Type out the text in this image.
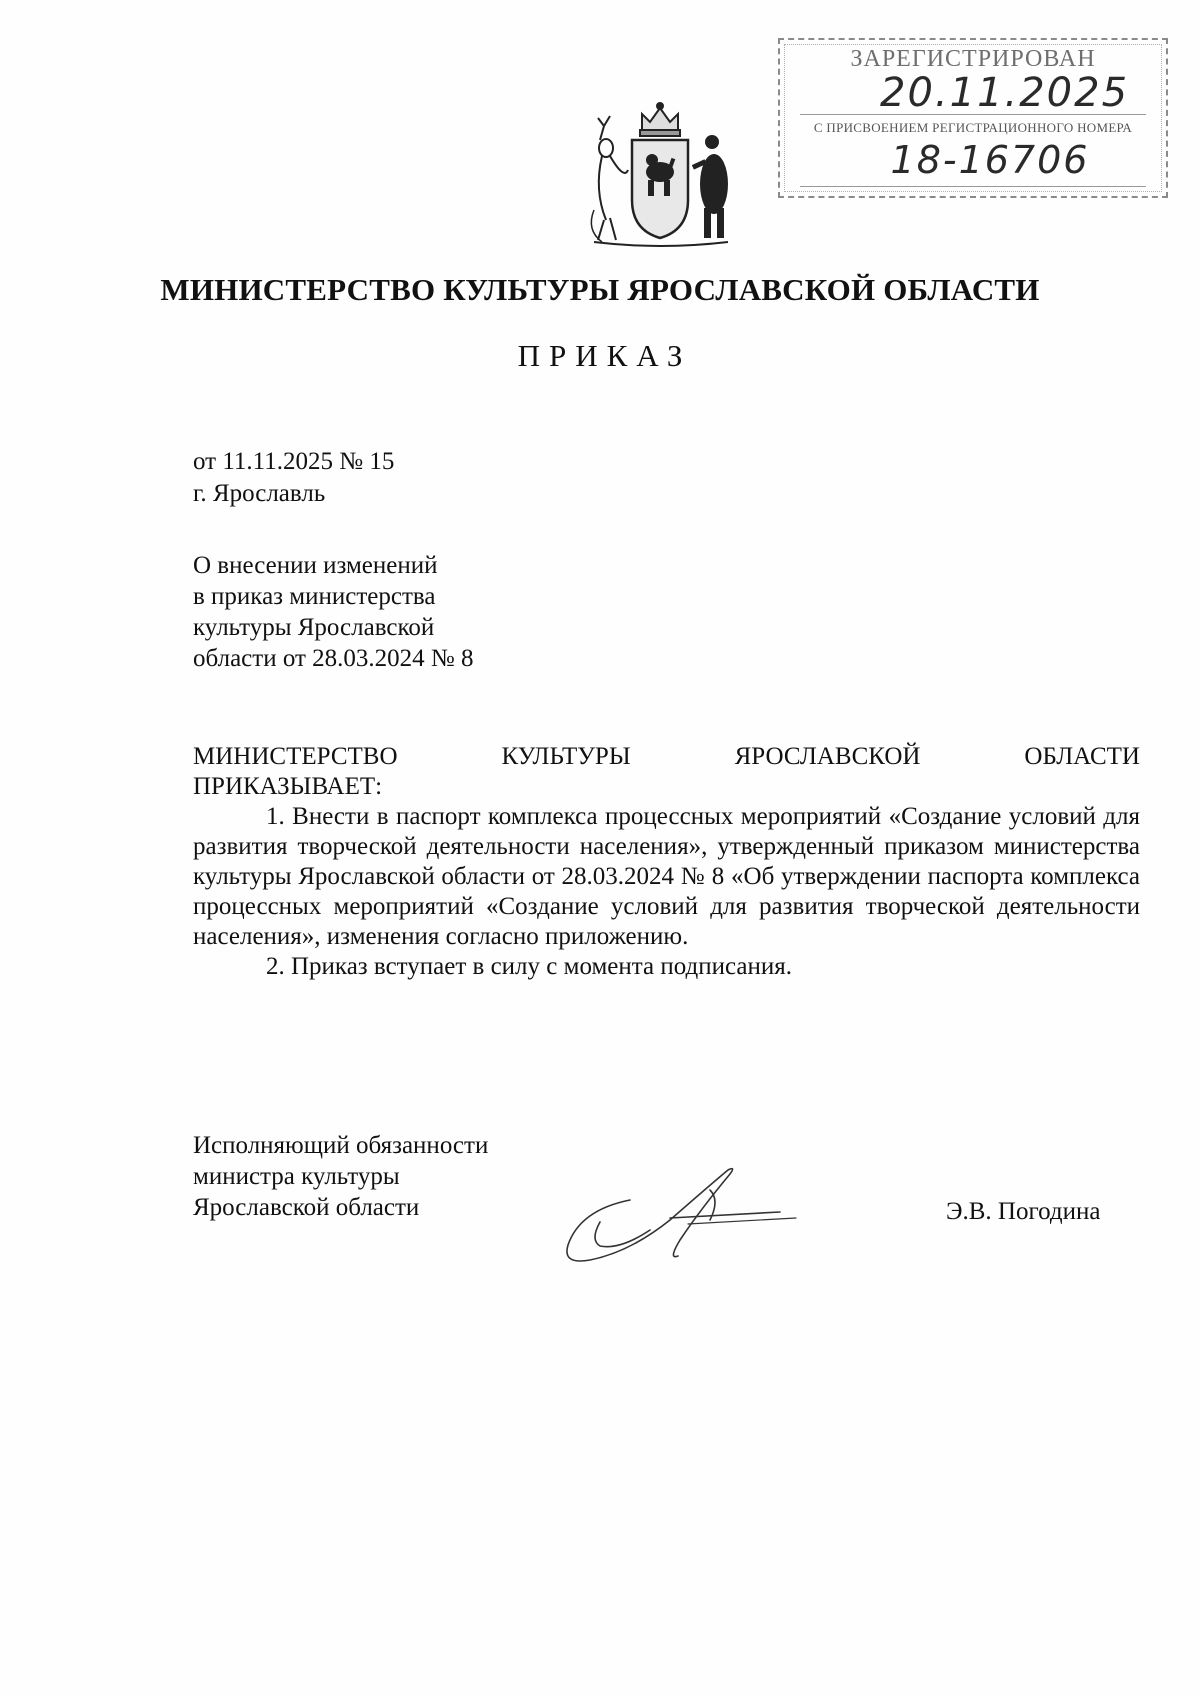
ЗАРЕГИСТРИРОВАН
20.11.2025
С ПРИСВОЕНИЕМ РЕГИСТРАЦИОННОГО НОМЕРА
18-16706
МИНИСТЕРСТВО КУЛЬТУРЫ ЯРОСЛАВСКОЙ ОБЛАСТИ
ПРИКАЗ
от 11.11.2025 № 15
г. Ярославль
О внесении изменений
в приказ министерства
культуры Ярославской
области от 28.03.2024 № 8
МИНИСТЕРСТВО	КУЛЬТУРЫ	ЯРОСЛАВСКОЙ	ОБЛАСТИ

ПРИКАЗЫВАЕТ:

1. Внести в паспорт комплекса процессных мероприятий «Создание условий для развития творческой деятельности населения», утвержденный приказом министерства культуры Ярославской области от 28.03.2024 № 8 «Об утверждении паспорта комплекса процессных мероприятий «Создание условий для развития творческой деятельности населения», изменения согласно приложению.

2. Приказ вступает в силу с момента подписания.

Исполняющий обязанности
министра культуры
Ярославской области	Э.В. Погодина
